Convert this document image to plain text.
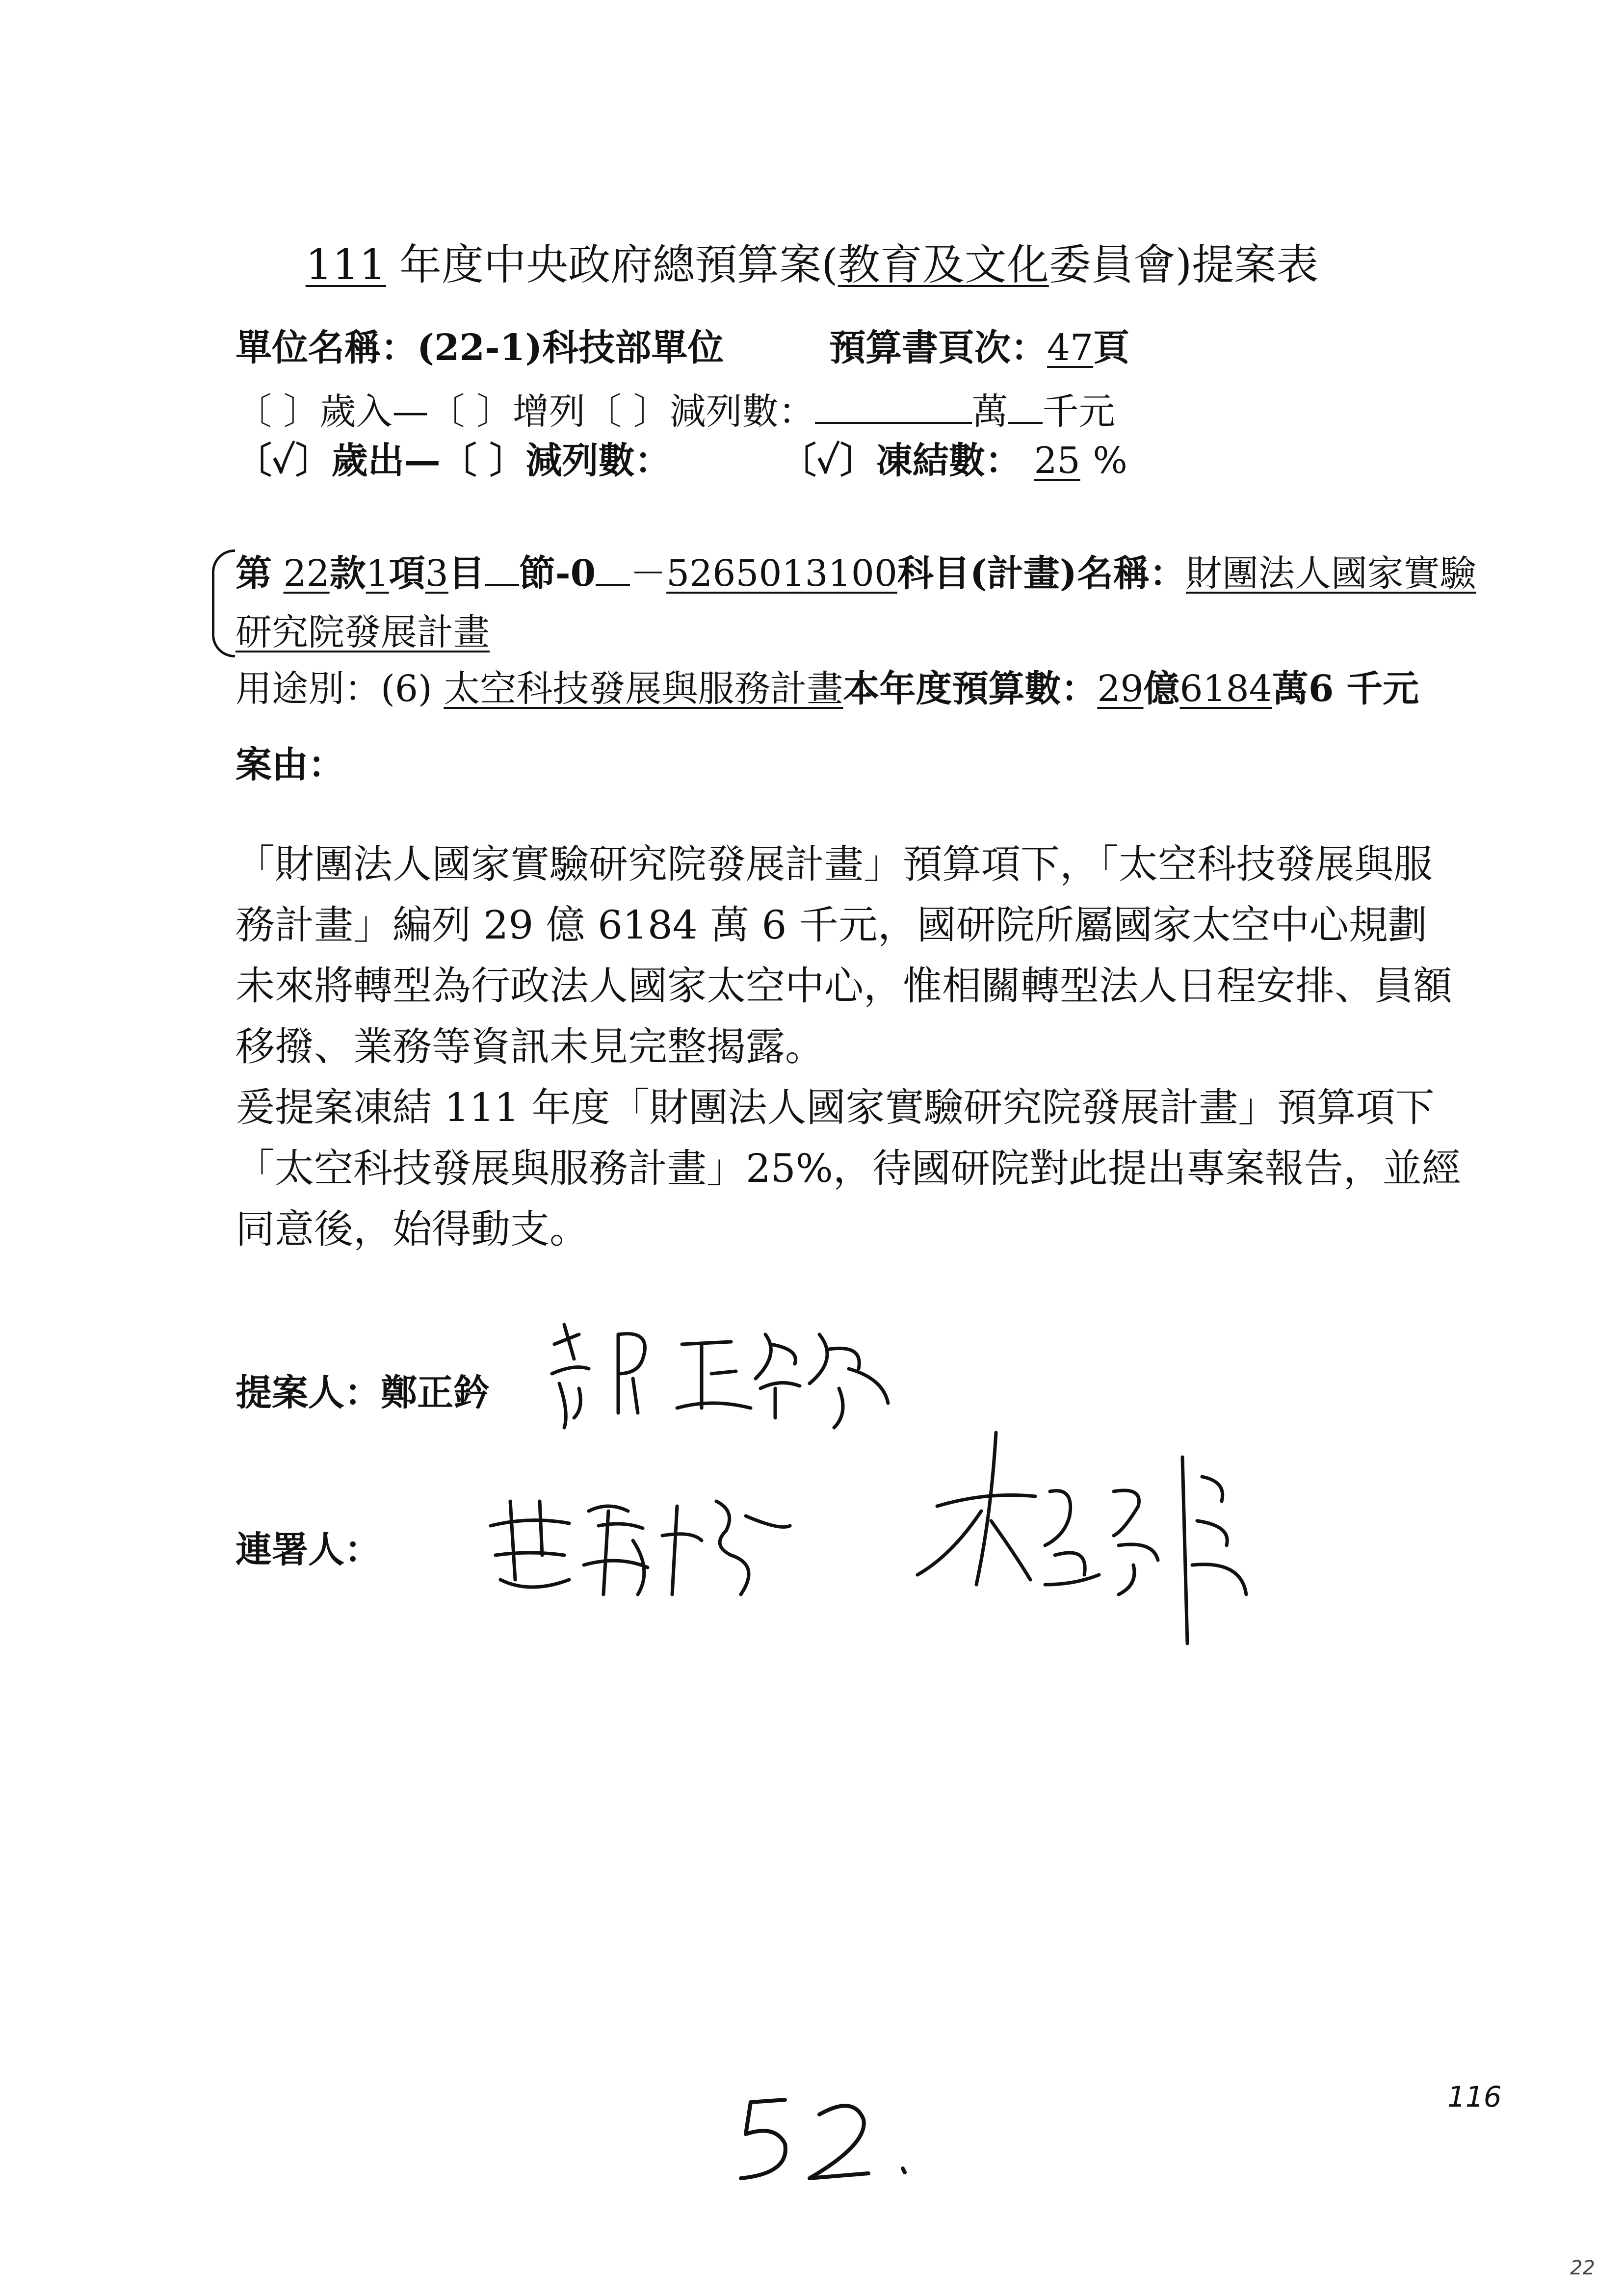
111 年度中央政府總預算案(教育及文化委員會)提案表
單位名稱：(22-1)科技部單位	預算書頁次：47頁
〔 〕歲入—〔 〕增列〔 〕減列數：	萬 千元
〔✓〕歲出—〔 〕減列數：	〔✓〕凍結數： 25 %
第 22款1項3目 節-0 －5265013100科目(計畫)名稱：財團法人國家實驗
研究院發展計畫
用途別：(6) 太空科技發展與服務計畫本年度預算數：29億6184萬6 千元
案由：

「財團法人國家實驗研究院發展計畫」預算項下，「太空科技發展與服務計畫」編列 29 億 6184 萬 6 千元，國研院所屬國家太空中心規劃未來將轉型為行政法人國家太空中心，惟相關轉型法人日程安排、員額移撥、業務等資訊未見完整揭露。

爰提案凍結 111 年度「財團法人國家實驗研究院發展計畫」預算項下「太空科技發展與服務計畫」25%，待國研院對此提出專案報告，並經同意後，始得動支。

提案人：鄭正鈐
連署人：
116
22
